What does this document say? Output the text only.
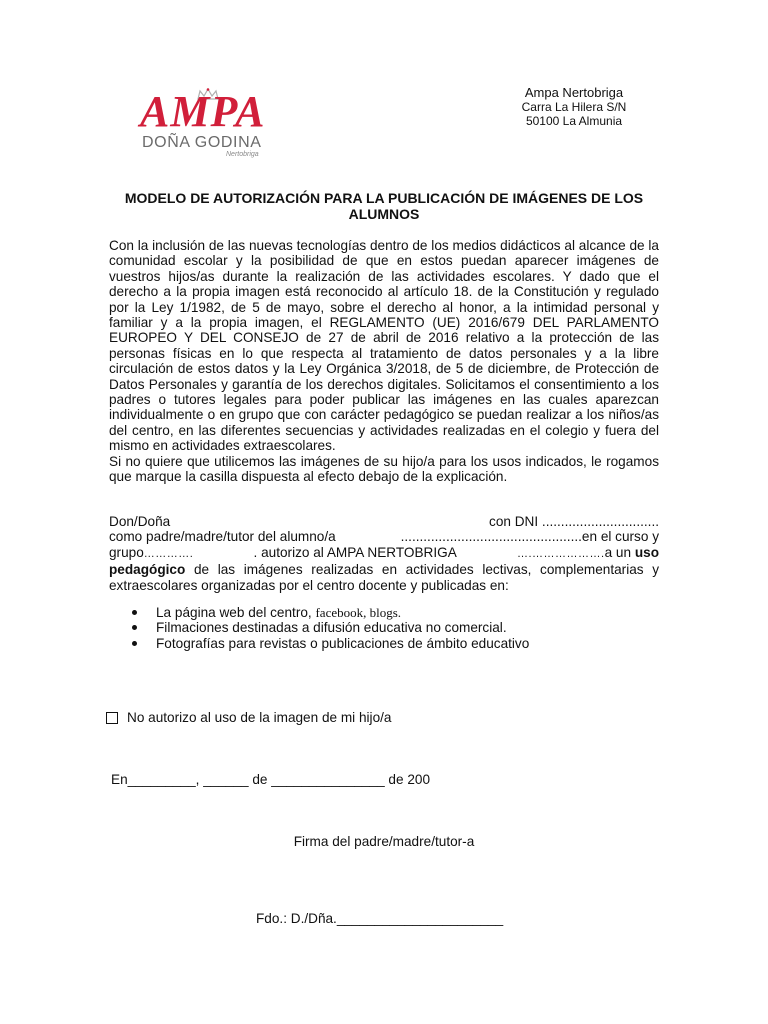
AMPA
DOÑA GODINA
Nertobriga
Ampa Nertobriga
Carra La Hilera S/N
50100 La Almunia
MODELO DE AUTORIZACIÓN PARA LA PUBLICACIÓN DE IMÁGENES DE LOS ALUMNOS

Con la inclusión de las nuevas tecnologías dentro de los medios didácticos al alcance de la comunidad escolar y la posibilidad de que en estos puedan aparecer imágenes de vuestros hijos/as durante la realización de las actividades escolares. Y dado que el derecho a la propia imagen está reconocido al artículo 18. de la Constitución y regulado por la Ley 1/1982, de 5 de mayo, sobre el derecho al honor, a la intimidad personal y familiar y a la propia imagen, el REGLAMENTO (UE) 2016/679 DEL PARLAMENTO EUROPEO Y DEL CONSEJO de 27 de abril de 2016 relativo a la protección de las personas físicas en lo que respecta al tratamiento de datos personales y a la libre circulación de estos datos y la Ley Orgánica 3/2018, de 5 de diciembre, de Protección de Datos Personales y garantía de los derechos digitales. Solicitamos el consentimiento a los padres o tutores legales para poder publicar las imágenes en las cuales aparezcan individualmente o en grupo que con carácter pedagógico se puedan realizar a los niños/as del centro, en las diferentes secuencias y actividades realizadas en el colegio y fuera del mismo en actividades extraescolares.

Si no quiere que utilicemos las imágenes de su hijo/a para los usos indicados, le rogamos que marque la casilla dispuesta al efecto debajo de la explicación.

Don/Doña	con DNI ...............................
como padre/madre/tutor del alumno/a	................................................en el curso y
grupo………….	. autorizo al AMPA NERTOBRIGA	….……………….a un uso
pedagógico de las imágenes realizadas en actividades lectivas, complementarias y extraescolares organizadas por el centro docente y publicadas en:
La página web del centro, facebook, blogs.
Filmaciones destinadas a difusión educativa no comercial.
Fotografías para revistas o publicaciones de ámbito educativo
No autorizo al uso de la imagen de mi hijo/a
En_________, ______ de _______________ de 200
Firma del padre/madre/tutor-a
Fdo.: D./Dña.______________________
